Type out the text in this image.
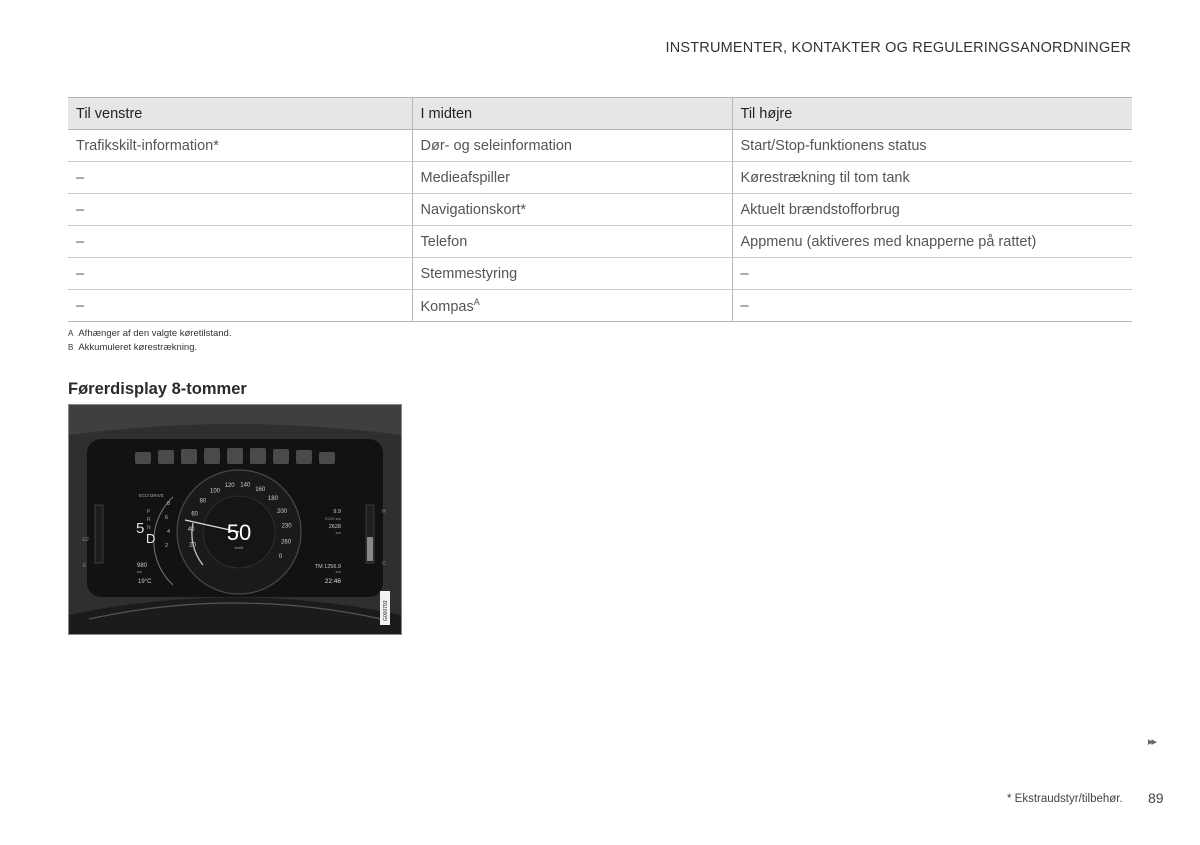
INSTRUMENTER, KONTAKTER OG REGULERINGSANORDNINGER
Til venstre	I midten	Til højre
Trafikskilt-information*	Dør- og seleinformation	Start/Stop-funktionens status
–	Medieafspiller	Kørestrækning til tom tank
–	Navigationskort*	Aktuelt brændstofforbrug
–	Telefon	Appmenu (aktiveres med knapperne på rattet)
–	Stemmestyring	–
–	Kompas$^A$	–
A Afhænger af den valgte køretilstand.
B Akkumuleret kørestrækning.
Førerdisplay 8-tommer
1/2
E
H
C
50
km/h
ECO DRIVE
5
P
R
N
D
980
km
19°C
9.9
ℓ/100 km
2628
km
TM 1256.9
km
22:46
20
40
60
80
100
120 140
160
180
200
230
260
0
8
6
4
2
G000793
▸▸
* Ekstraudstyr/tilbehør. 89
